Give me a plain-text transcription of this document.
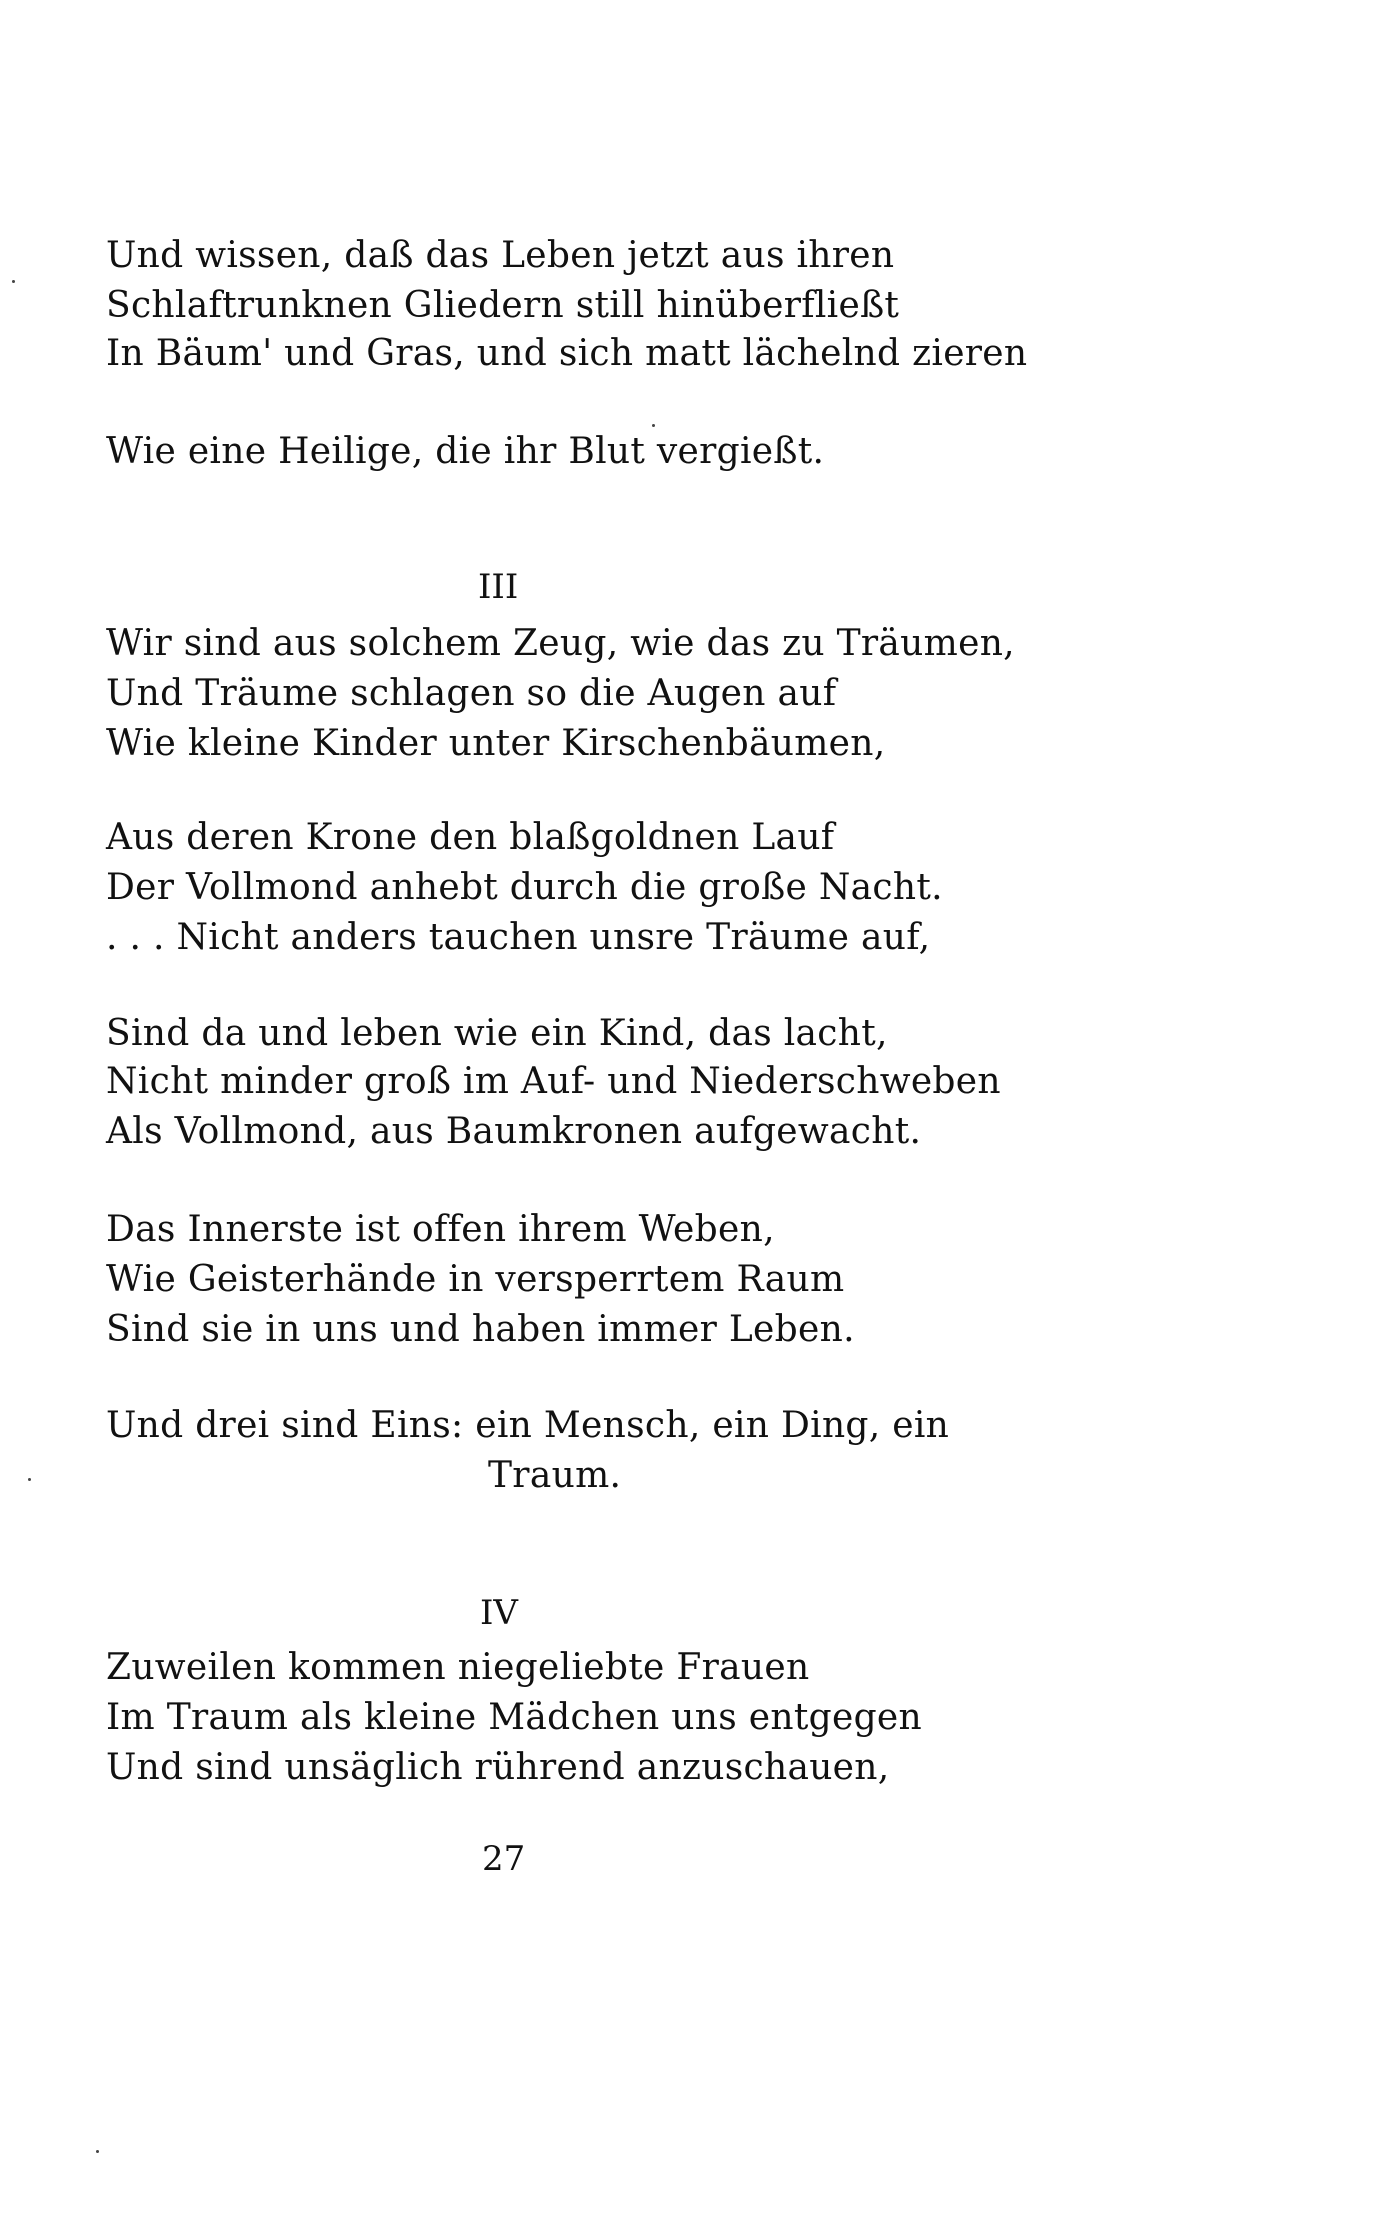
Und wissen, daß das Leben jetzt aus ihren
Schlaftrunknen Gliedern still hinüberfließt
In Bäum' und Gras, und sich matt lächelnd zieren
Wie eine Heilige, die ihr Blut vergießt.
III
Wir sind aus solchem Zeug, wie das zu Träumen,
Und Träume schlagen so die Augen auf
Wie kleine Kinder unter Kirschenbäumen,
Aus deren Krone den blaßgoldnen Lauf
Der Vollmond anhebt durch die große Nacht.
. . . Nicht anders tauchen unsre Träume auf,
Sind da und leben wie ein Kind, das lacht,
Nicht minder groß im Auf- und Niederschweben
Als Vollmond, aus Baumkronen aufgewacht.
Das Innerste ist offen ihrem Weben,
Wie Geisterhände in versperrtem Raum
Sind sie in uns und haben immer Leben.
Und drei sind Eins: ein Mensch, ein Ding, ein
Traum.
IV
Zuweilen kommen niegeliebte Frauen
Im Traum als kleine Mädchen uns entgegen
Und sind unsäglich rührend anzuschauen,
27
